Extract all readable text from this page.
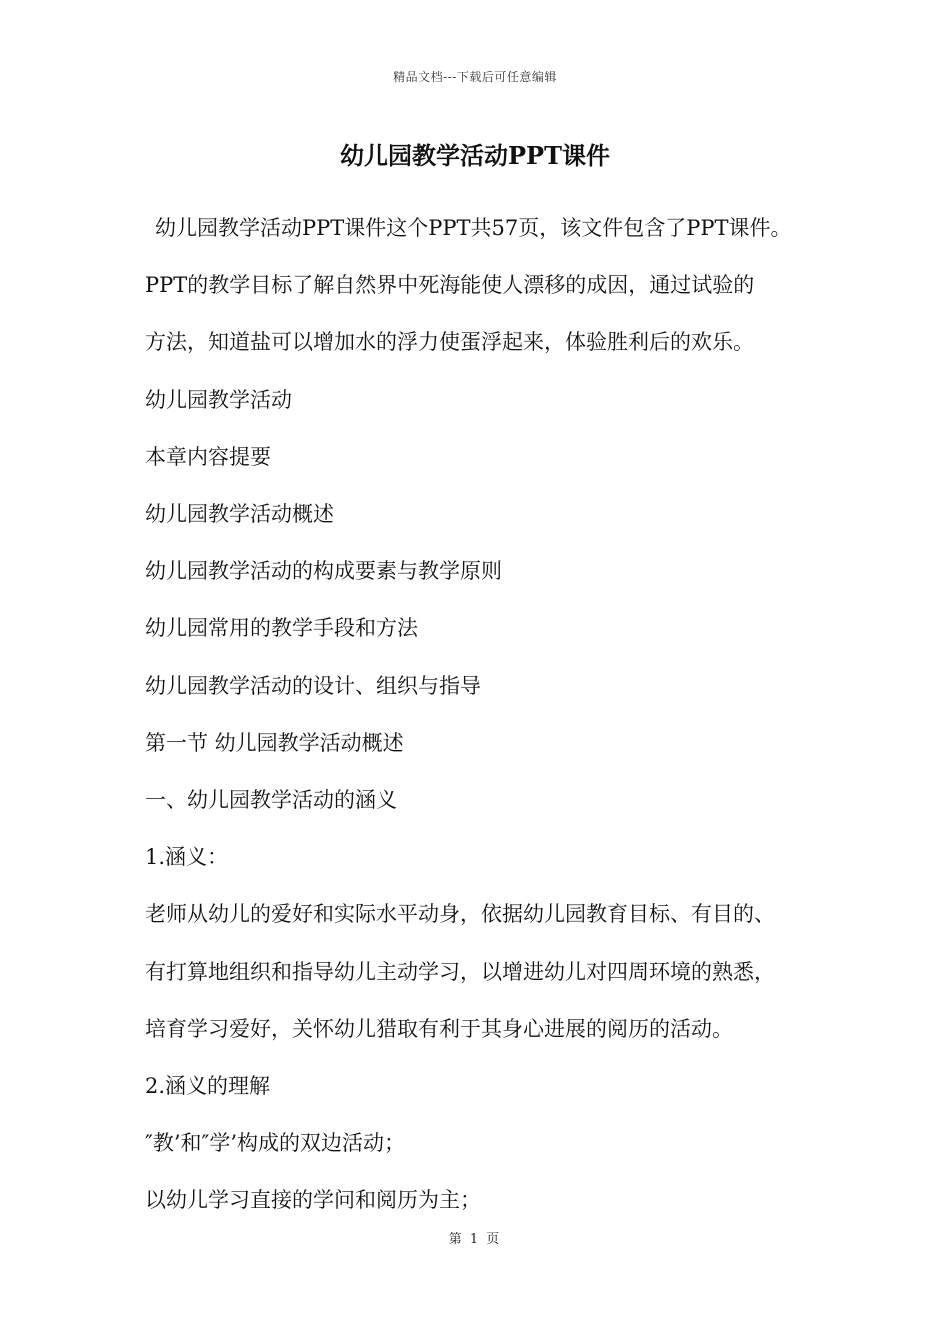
精品文档---下载后可任意编辑
幼儿园教学活动PPT课件

幼儿园教学活动PPT课件这个PPT共57页，该文件包含了PPT课件。

PPT的教学目标了解自然界中死海能使人漂移的成因，通过试验的

方法，知道盐可以增加水的浮力使蛋浮起来，体验胜利后的欢乐。

幼儿园教学活动

本章内容提要

幼儿园教学活动概述

幼儿园教学活动的构成要素与教学原则

幼儿园常用的教学手段和方法

幼儿园教学活动的设计、组织与指导

第一节 幼儿园教学活动概述

一、幼儿园教学活动的涵义

1.涵义：

老师从幼儿的爱好和实际水平动身，依据幼儿园教育目标、有目的、

有打算地组织和指导幼儿主动学习，以增进幼儿对四周环境的熟悉，

培育学习爱好，关怀幼儿猎取有利于其身心进展的阅历的活动。

2.涵义的理解

″教’和″学’构成的双边活动；

以幼儿学习直接的学问和阅历为主；

第 1 页
